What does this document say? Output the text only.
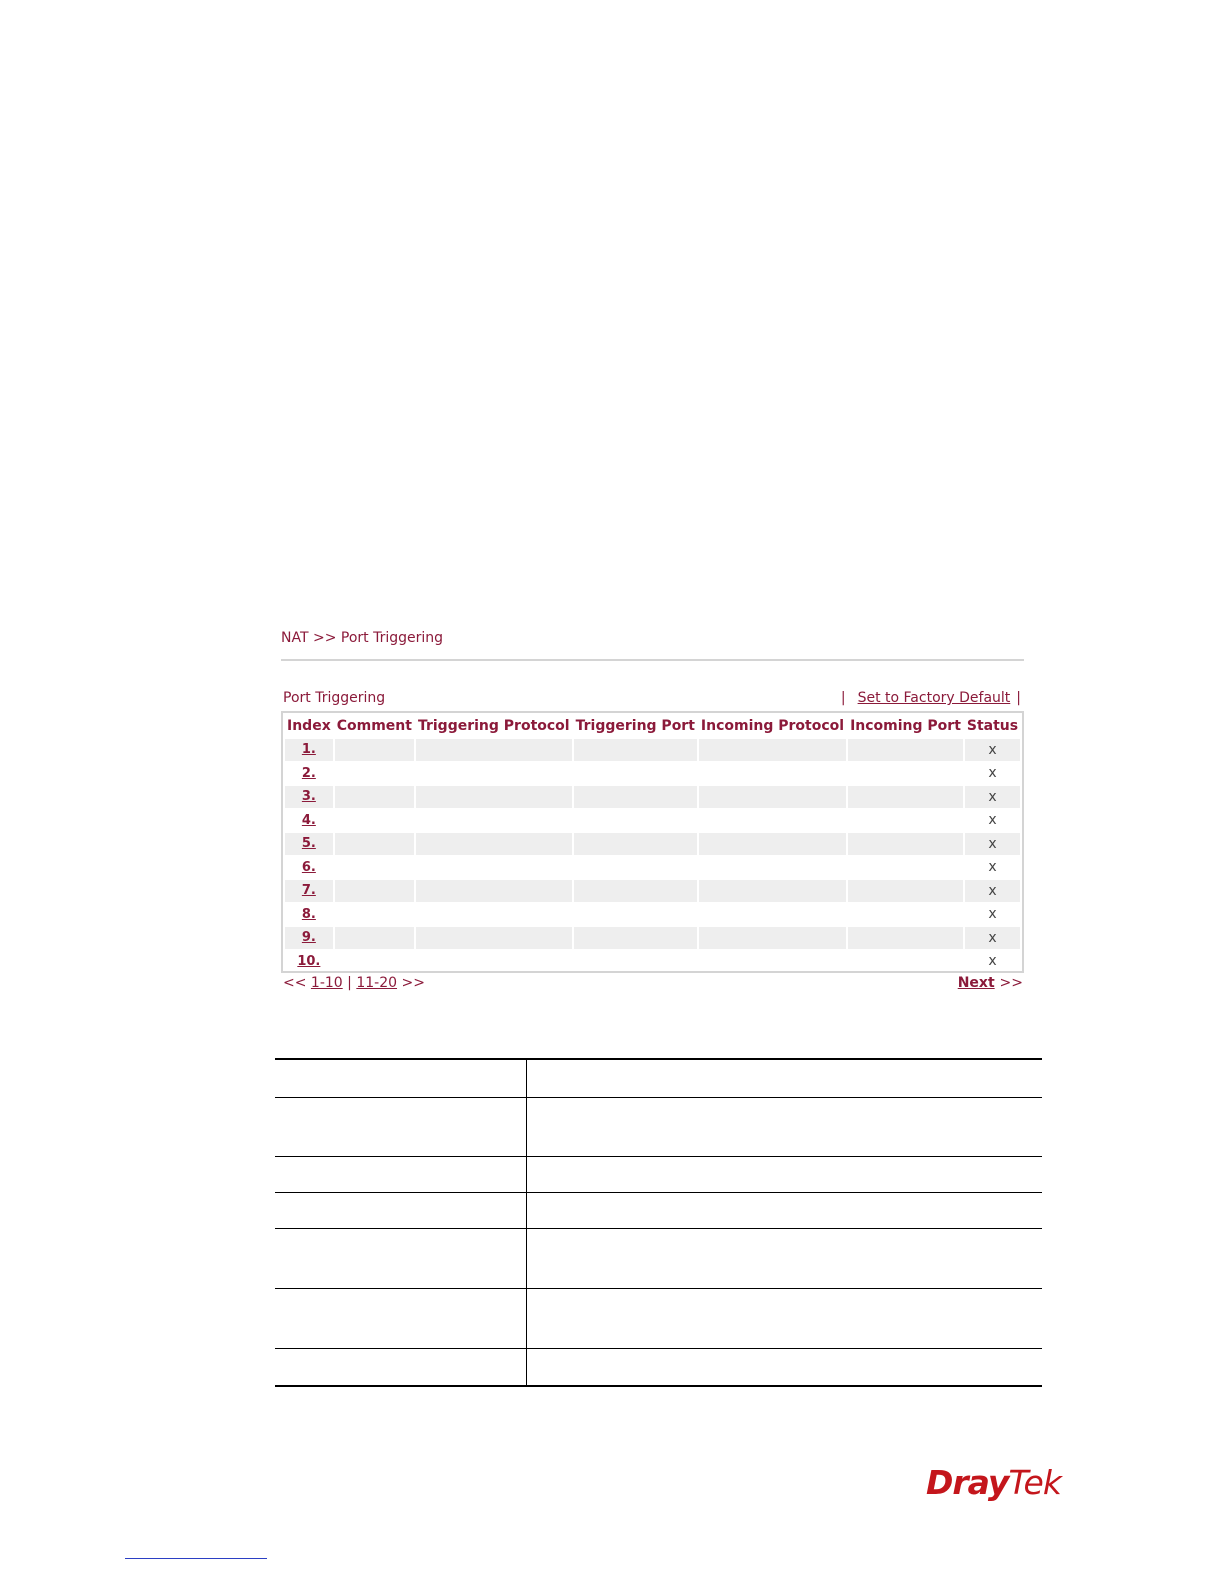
NAT >> Port Triggering
Port Triggering	| Set to Factory Default |
Index	Comment	Triggering Protocol	Triggering Port	Incoming Protocol	Incoming Port	Status
1.						x
2.						x
3.						x
4.						x
5.						x
6.						x
7.						x
8.						x
9.						x
10.						x
<< 1-10 | 11-20 >>	Next >>

DrayTek
